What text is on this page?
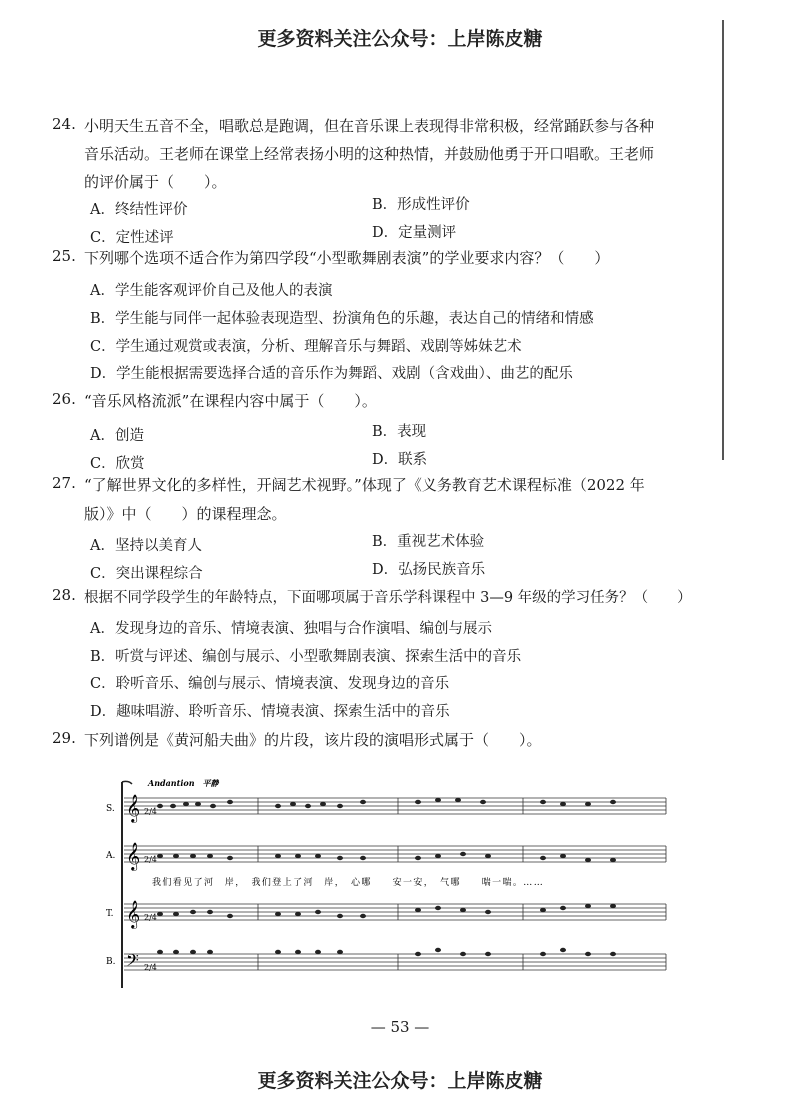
更多资料关注公众号：上岸陈皮糖
24. 小明天生五音不全，唱歌总是跑调，但在音乐课上表现得非常积极，经常踊跃参与各种
音乐活动。王老师在课堂上经常表扬小明的这种热情，并鼓励他勇于开口唱歌。王老师
的评价属于（　　）。
A．终结性评价	B．形成性评价
C．定性述评	D．定量测评
25. 下列哪个选项不适合作为第四学段“小型歌舞剧表演”的学业要求内容？（　　）
A．学生能客观评价自己及他人的表演
B．学生能与同伴一起体验表现造型、扮演角色的乐趣，表达自己的情绪和情感
C．学生通过观赏或表演，分析、理解音乐与舞蹈、戏剧等姊妹艺术
D．学生能根据需要选择合适的音乐作为舞蹈、戏剧（含戏曲）、曲艺的配乐
26. “音乐风格流派”在课程内容中属于（　　）。
A．创造	B．表现
C．欣赏	D．联系
27. “了解世界文化的多样性，开阔艺术视野。”体现了《义务教育艺术课程标准（2022 年
版）》中（　　）的课程理念。
A．坚持以美育人	B．重视艺术体验
C．突出课程综合	D．弘扬民族音乐
28. 根据不同学段学生的年龄特点，下面哪项属于音乐学科课程中 3—9 年级的学习任务？（　　）
A．发现身边的音乐、情境表演、独唱与合作演唱、编创与展示
B．听赏与评述、编创与展示、小型歌舞剧表演、探索生活中的音乐
C．聆听音乐、编创与展示、情境表演、发现身边的音乐
D．趣味唱游、聆听音乐、情境表演、探索生活中的音乐
29. 下列谱例是《黄河船夫曲》的片段，该片段的演唱形式属于（　　）。
Andantion　平静
S.
A.
T.
B.
𝄞 2/4
𝄞 2/4
我们看见了河　岸，　我们登上了河　岸，　心哪　　安一安，　气哪　　喘一喘。……
𝄞 2/4
𝄢 2/4
— 53 —
更多资料关注公众号：上岸陈皮糖
